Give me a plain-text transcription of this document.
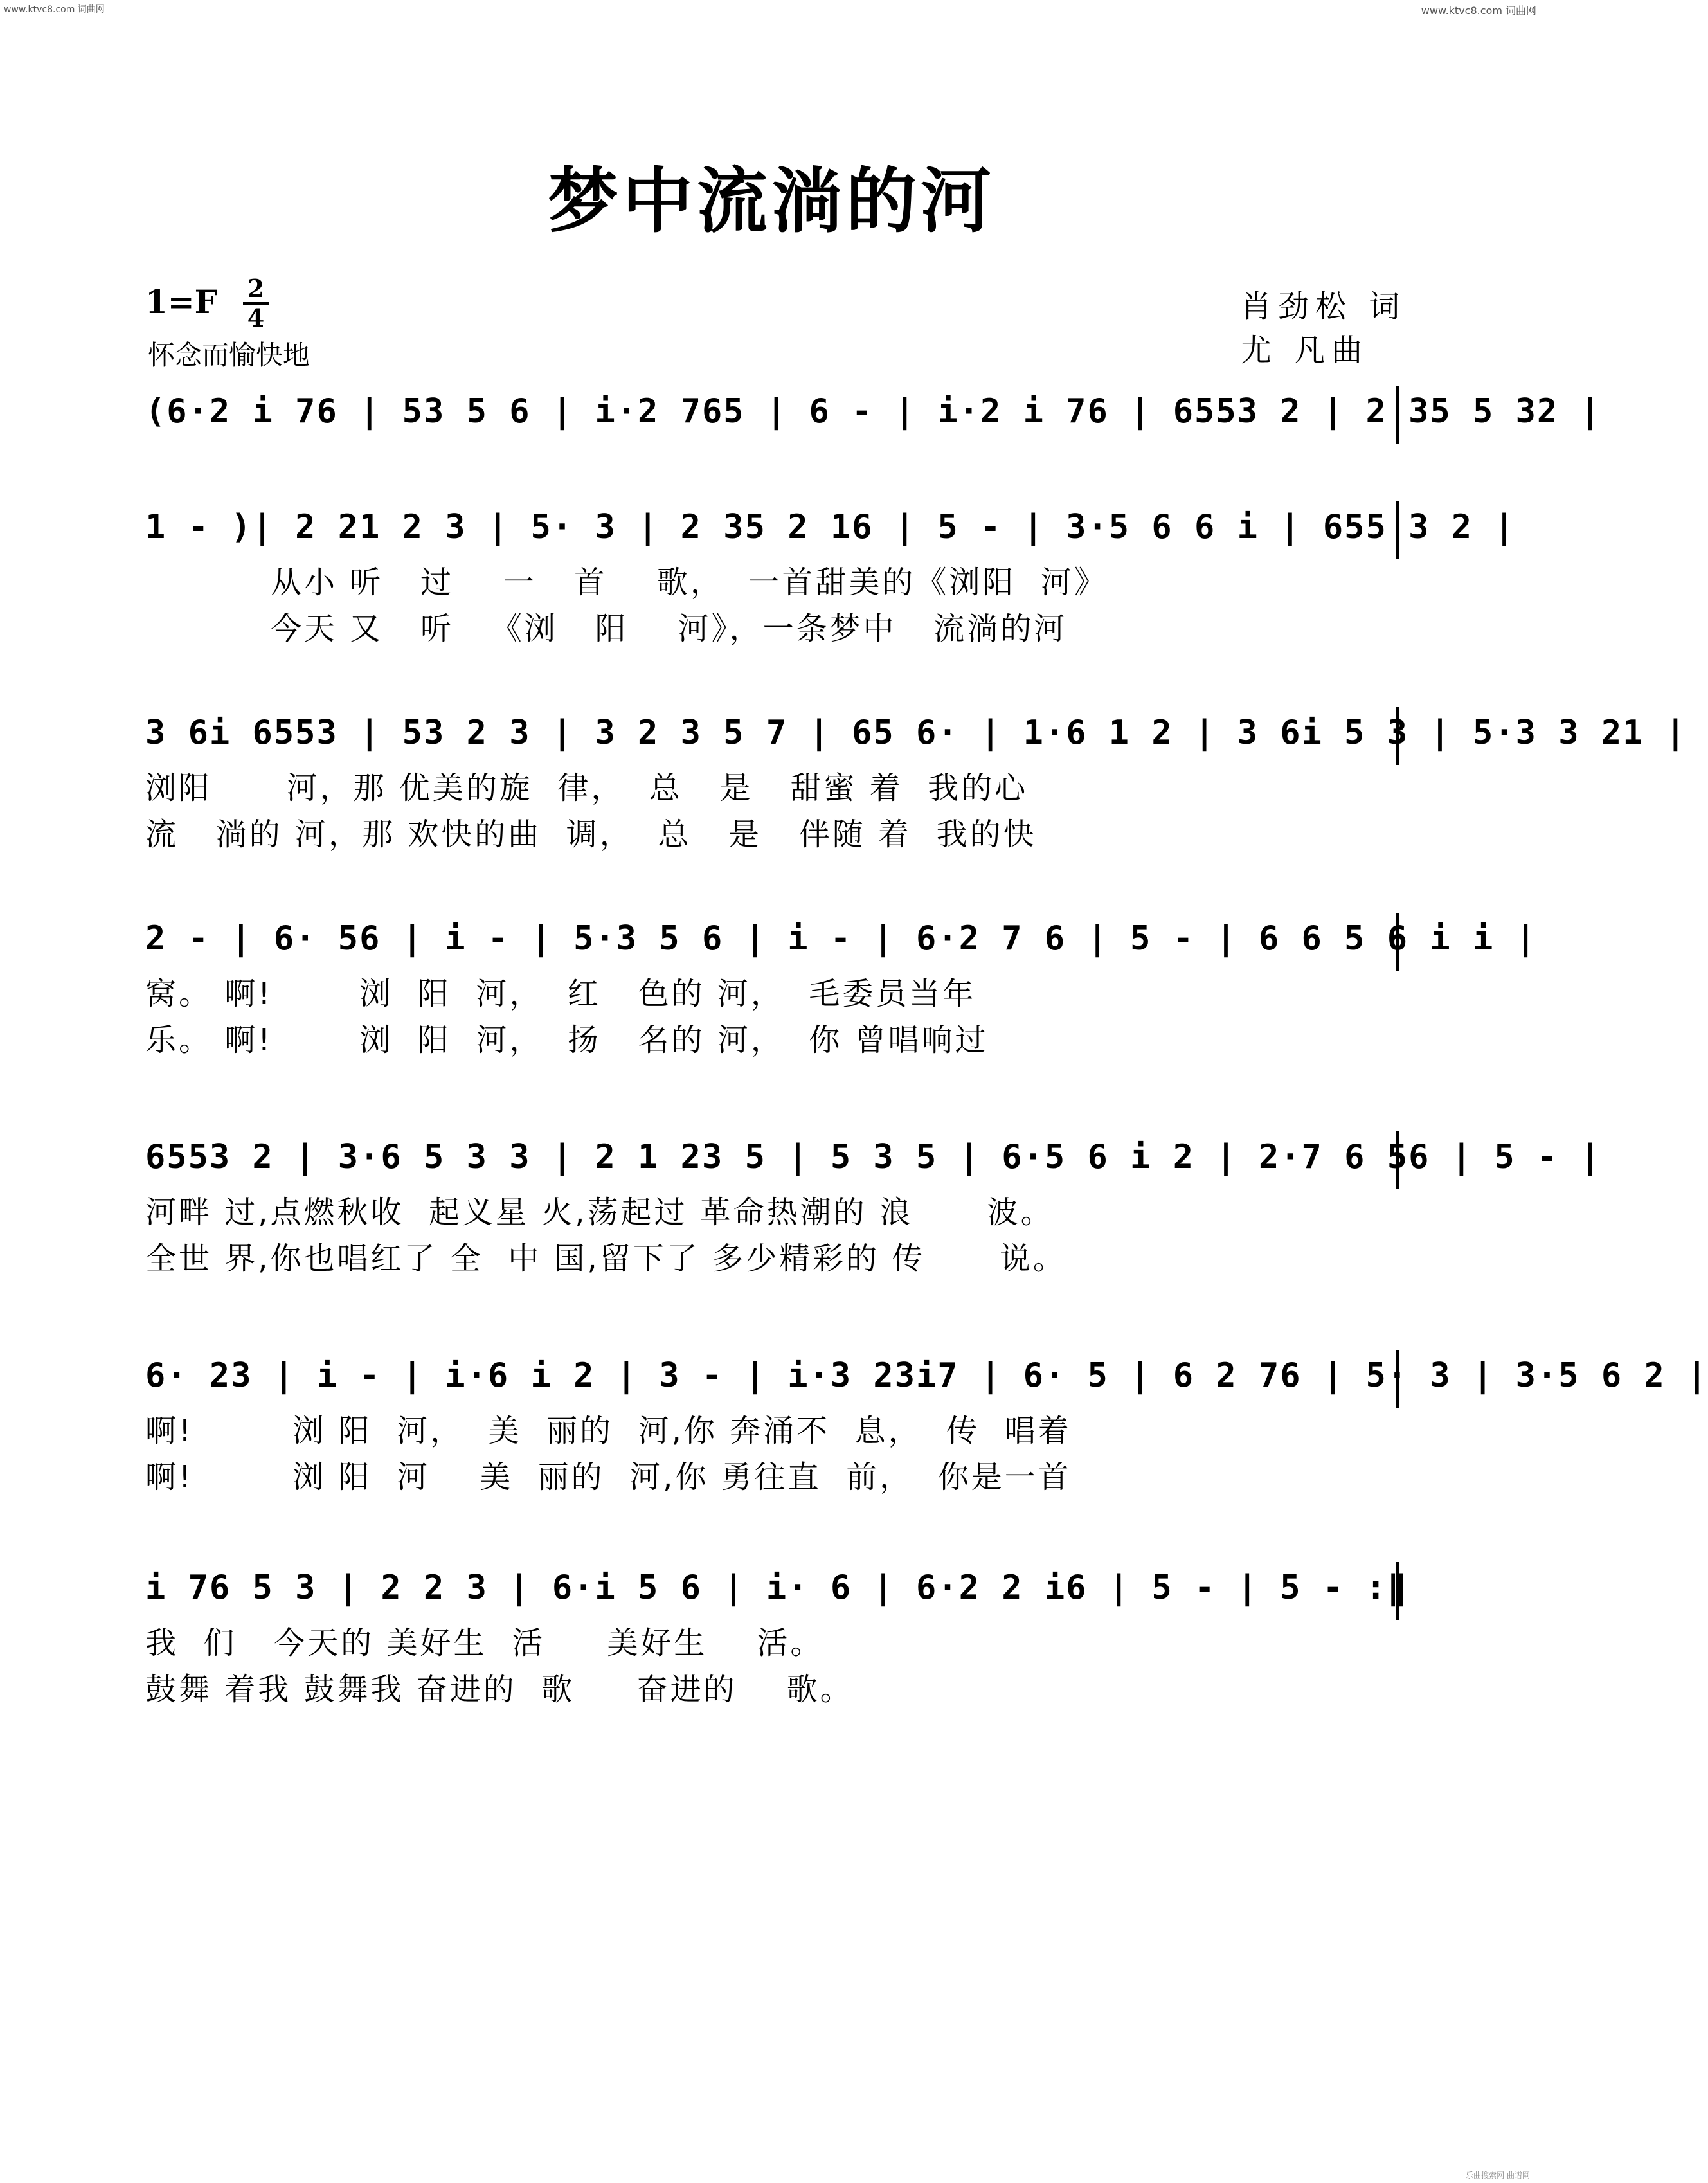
www.ktvc8.com 词曲网	www.ktvc8.com 词曲网
乐曲搜索网 曲谱网
梦中流淌的河
1=F 2
4
怀念而愉快地
肖劲松 词
尤 凡曲
(6·2 i 76 | 53 5 6 | i·2 765 | 6 - | i·2 i 76 | 6553 2 | 2 35 5 32 |
1 - )| 2 21 2 3 | 5· 3 | 2 35 2 16 | 5 - | 3·5 6 6 i | 655 3 2 |
从小 听   过    一   首    歌，  一首甜美的《浏阳  河》
今天 又   听   《浏   阳    河》，一条梦中   流淌的河
3 6i 6553 | 53 2 3 | 3 2 3 5 7 | 65 6· | 1·6 1 2 | 3 6i 5 3 | 5·3 3 21 |
浏阳      河，那 优美的旋  律，  总   是   甜蜜 着  我的心
流   淌的 河，那 欢快的曲  调，  总   是   伴随 着  我的快
2 - | 6· 56 | i - | 5·3 5 6 | i - | 6·2 7 6 | 5 - | 6 6 5 6 i i |
窝。 啊!       浏  阳  河，  红   色的 河，  毛委员当年
乐。 啊!       浏  阳  河，  扬   名的 河，  你 曾唱响过
6553 2 | 3·6 5 3 3 | 2 1 23 5 | 5 3 5 | 6·5 6 i 2 | 2·7 6 56 | 5 - |
河畔 过,点燃秋收  起义星 火,荡起过 革命热潮的 浪      波。
全世 界,你也唱红了 全  中 国,留下了 多少精彩的 传      说。
6· 23 | i - | i·6 i 2 | 3 - | i·3 23i7 | 6· 5 | 6 2 76 | 5· 3 | 3·5 6 2 |
啊!        浏 阳  河，  美  丽的  河,你 奔涌不  息，  传  唱着
啊!        浏 阳  河    美  丽的  河,你 勇往直  前，  你是一首
i 76 5 3 | 2 2 3 | 6·i 5 6 | i· 6 | 6·2 2 i6 | 5 - | 5 - :‖
我  们   今天的 美好生  活     美好生    活。
鼓舞 着我 鼓舞我 奋进的  歌     奋进的    歌。
